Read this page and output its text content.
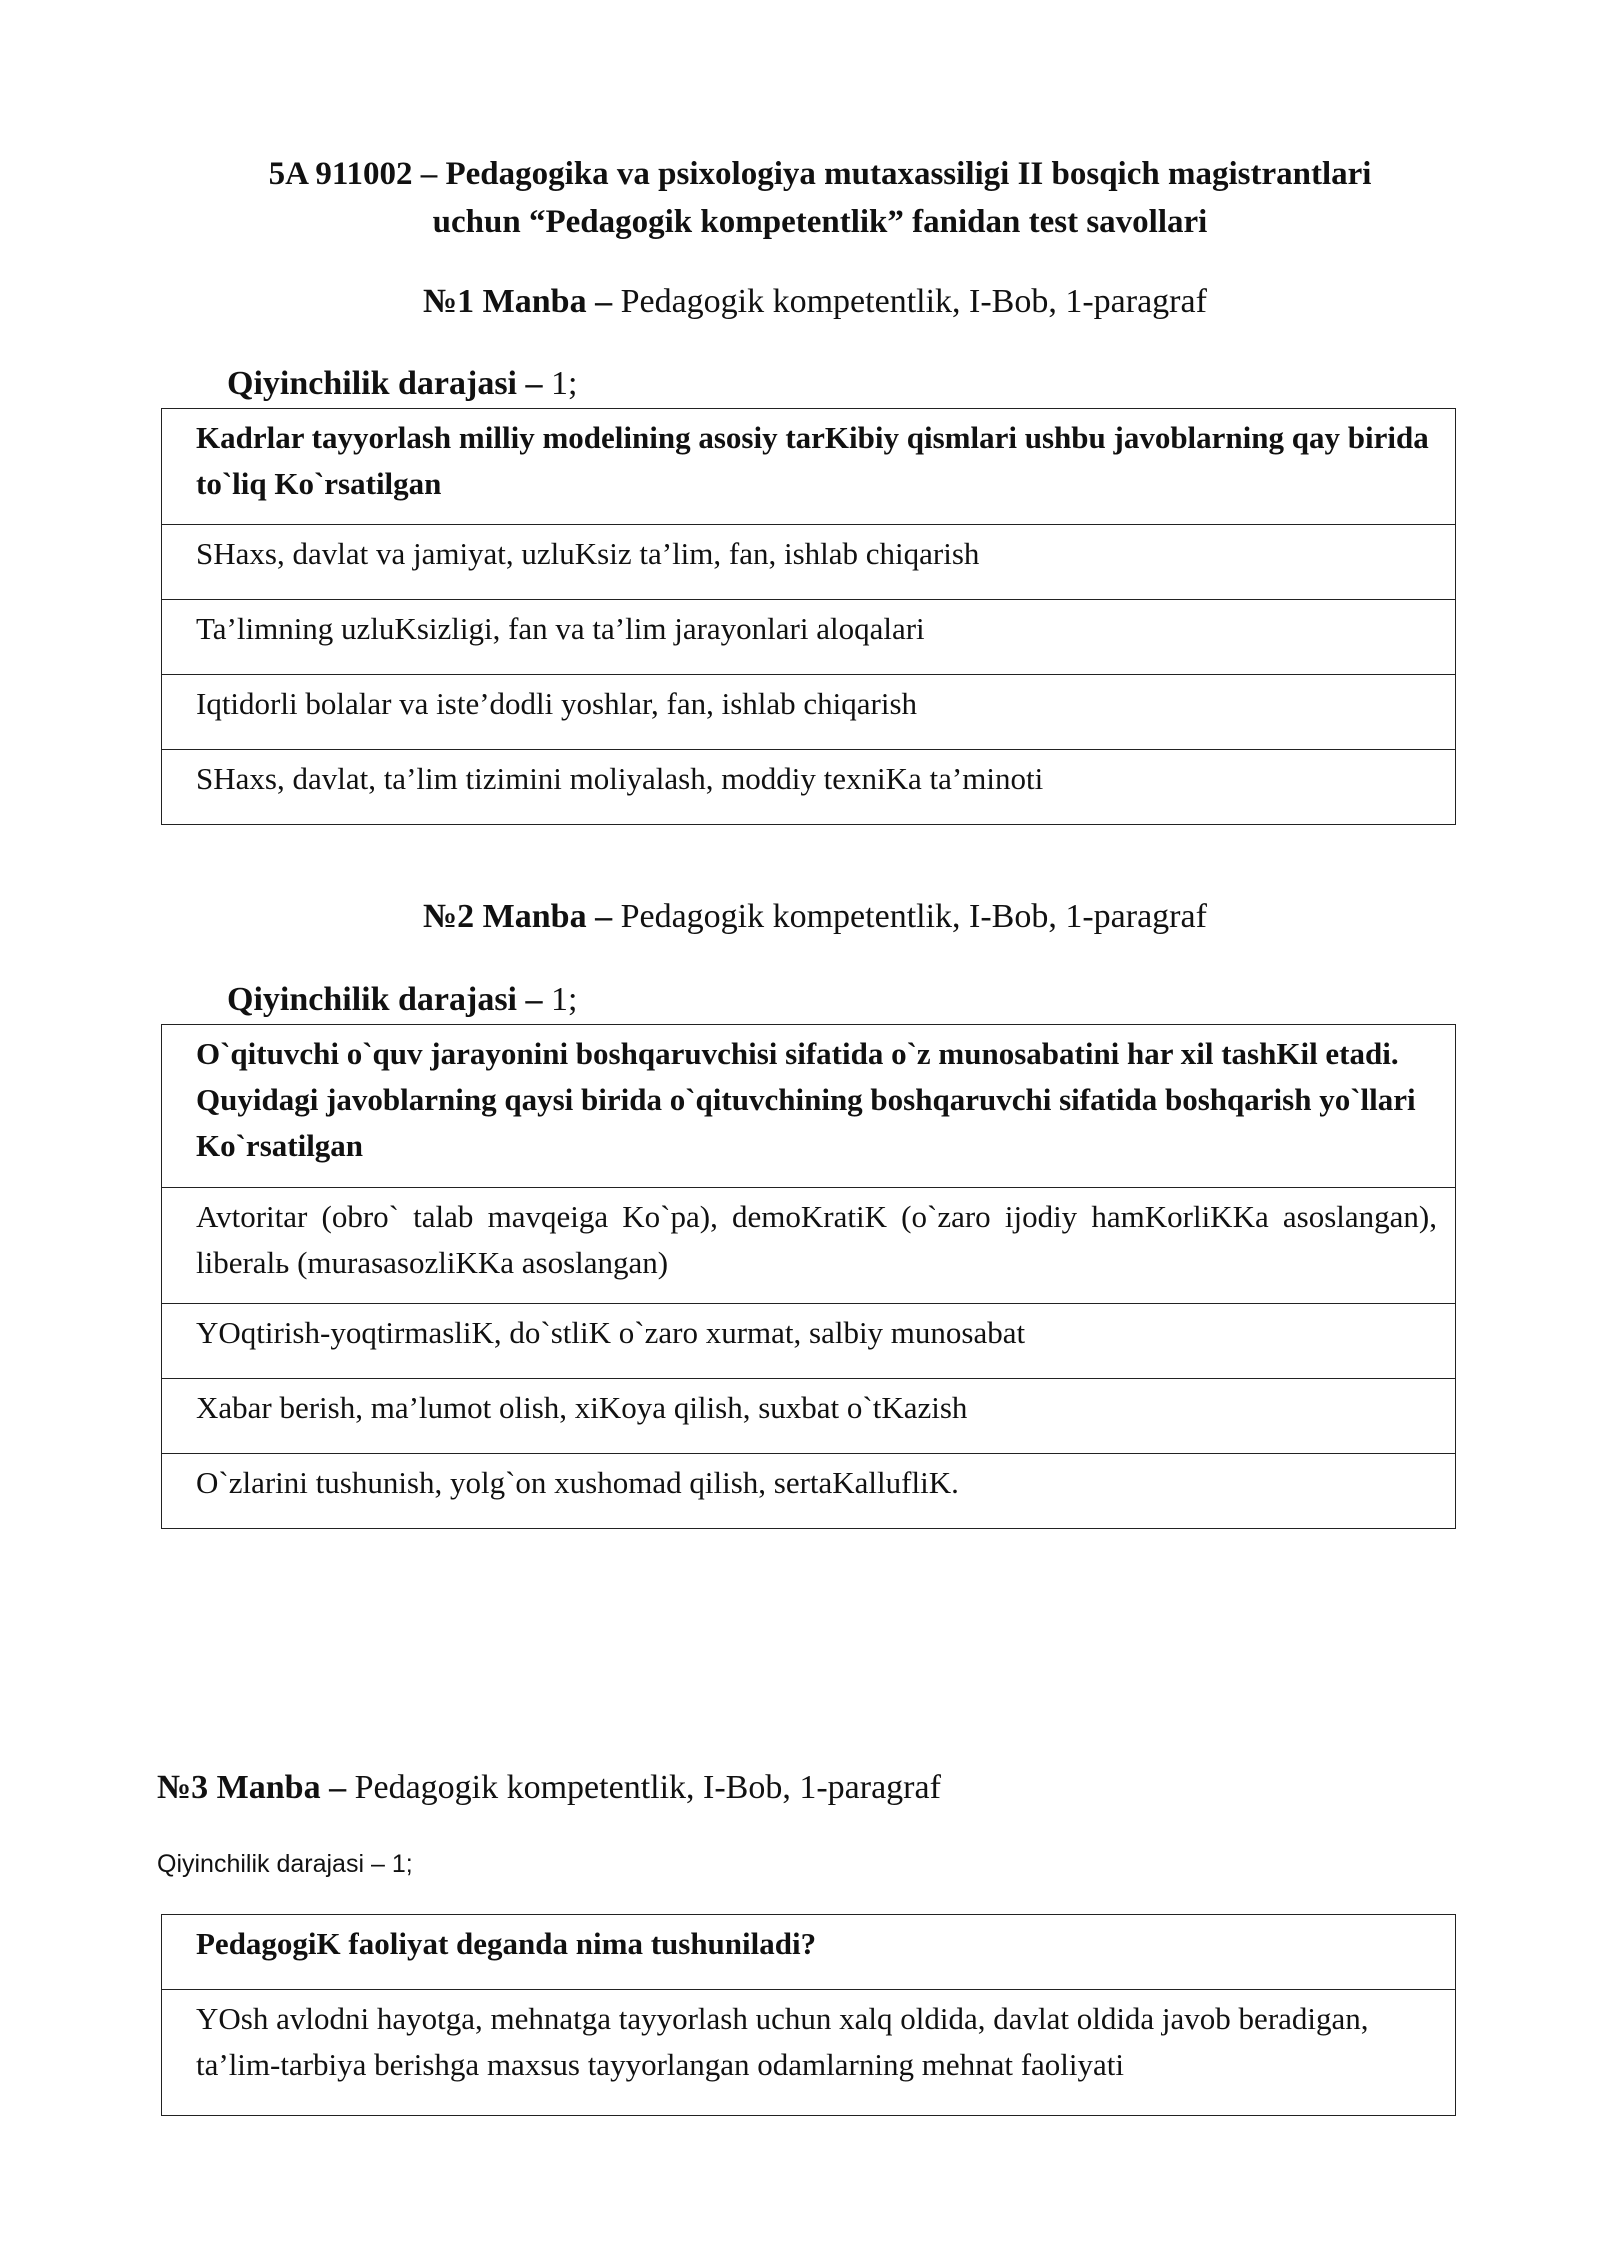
5A 911002 – Pedagogika va psixologiya mutaxassiligi II bosqich magistrantlari
uchun “Pedagogik kompetentlik” fanidan test savollari
№1 Manba – Pedagogik kompetentlik, I-Bob, 1-paragraf
Qiyinchilik darajasi – 1;
Kadrlar tayyorlash milliy modelining asosiy tarKibiy qismlari ushbu javoblarning qay birida to`liq Ko`rsatilgan
SHaxs, davlat va jamiyat, uzluKsiz ta’lim, fan, ishlab chiqarish
Ta’limning uzluKsizligi, fan va ta’lim jarayonlari aloqalari
Iqtidorli bolalar va iste’dodli yoshlar, fan, ishlab chiqarish
SHaxs, davlat, ta’lim tizimini moliyalash, moddiy texniKa ta’minoti
№2 Manba – Pedagogik kompetentlik, I-Bob, 1-paragraf
Qiyinchilik darajasi – 1;
O`qituvchi o`quv jarayonini boshqaruvchisi sifatida o`z munosabatini har xil tashKil etadi. Quyidagi javoblarning qaysi birida o`qituvchining boshqaruvchi sifatida boshqarish yo`llari Ko`rsatilgan
Avtoritar (obro` talab mavqeiga Ko`pa), demoKratiK (o`zaro ijodiy hamKorliKKa asoslangan), liberalь (murasasozliKKa asoslangan)
YOqtirish-yoqtirmasliK, do`stliK o`zaro xurmat, salbiy munosabat
Xabar berish, ma’lumot olish, xiKoya qilish, suxbat o`tKazish
O`zlarini tushunish, yolg`on xushomad qilish, sertaKallufliK.
№3 Manba – Pedagogik kompetentlik, I-Bob, 1-paragraf
Qiyinchilik darajasi – 1;
PedagogiK faoliyat deganda nima tushuniladi?
YOsh avlodni hayotga, mehnatga tayyorlash uchun xalq oldida, davlat oldida javob beradigan, ta’lim-tarbiya berishga maxsus tayyorlangan odamlarning mehnat faoliyati
